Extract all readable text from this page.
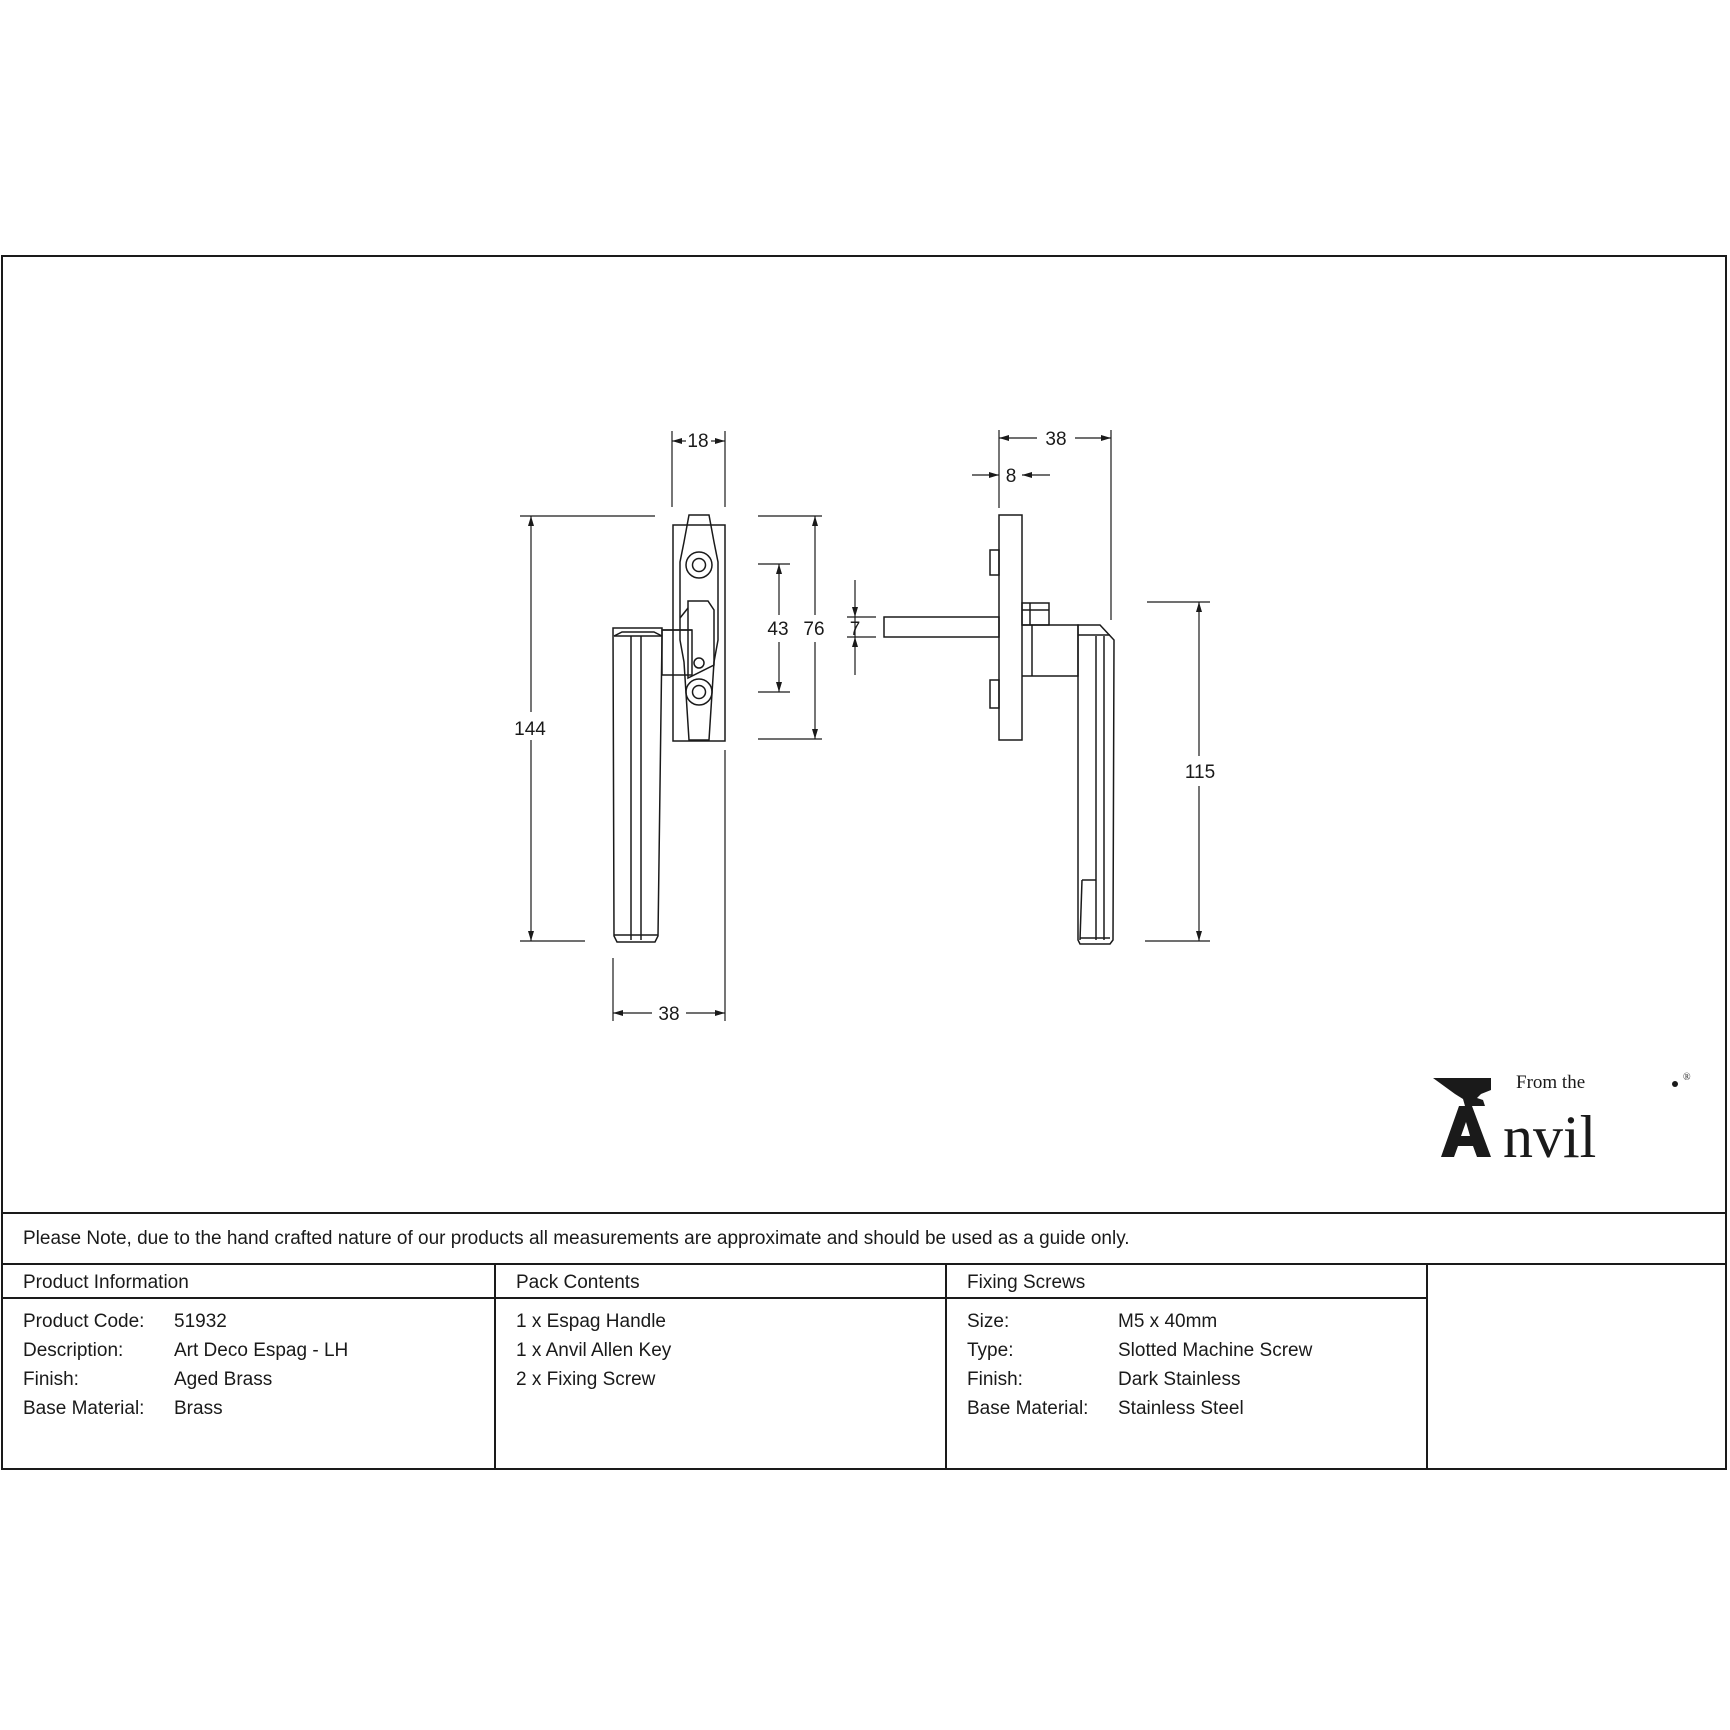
18
144
43 76
38
7
38
8
115
Please Note, due to the hand crafted nature of our products all measurements are approximate and should be used as a guide only.
Product Information
Product Code: 51932
Description:	Art Deco Espag - LH
Finish:	Aged Brass
Base Material: Brass
Pack Contents
1 x Espag Handle
1 x Anvil Allen Key
2 x Fixing Screw
Fixing Screws
Size:	M5 x 40mm
Type:	Slotted Machine Screw
Finish:	Dark Stainless
Base Material: Stainless Steel
nvil
From the	®
